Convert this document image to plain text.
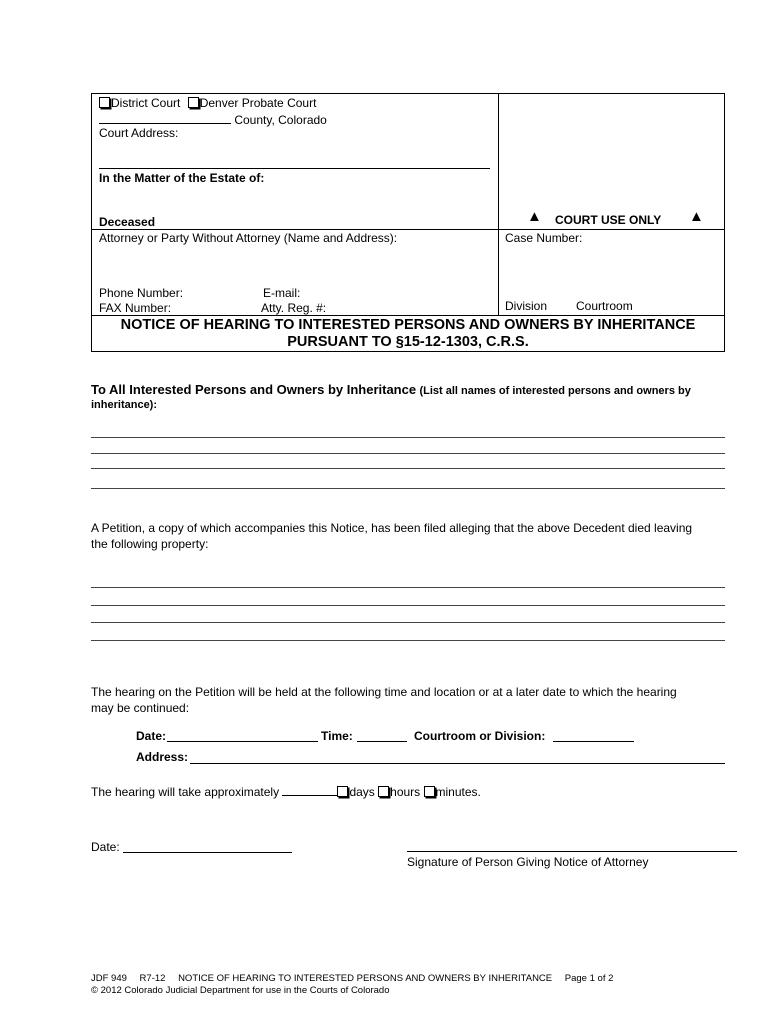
District Court Denver Probate Court
County, Colorado
Court Address:
In the Matter of the Estate of:
Deceased	▲ COURT USE ONLY ▲
Attorney or Party Without Attorney (Name and Address):	Case Number:
Phone Number:	E-mail:
FAX Number:	Atty. Reg. #:	Division Courtroom
NOTICE OF HEARING TO INTERESTED PERSONS AND OWNERS BY INHERITANCE
PURSUANT TO §15-12-1303, C.R.S.
To All Interested Persons and Owners by Inheritance (List all names of interested persons and owners by
inheritance):
A Petition, a copy of which accompanies this Notice, has been filed alleging that the above Decedent died leaving
the following property:
The hearing on the Petition will be held at the following time and location or at a later date to which the hearing
may be continued:
Date:	Time:	Courtroom or Division:
Address:
The hearing will take approximately	days hours minutes.
Date:
Signature of Person Giving Notice of Attorney
JDF 949 R7-12 NOTICE OF HEARING TO INTERESTED PERSONS AND OWNERS BY INHERITANCE Page 1 of 2
© 2012 Colorado Judicial Department for use in the Courts of Colorado
